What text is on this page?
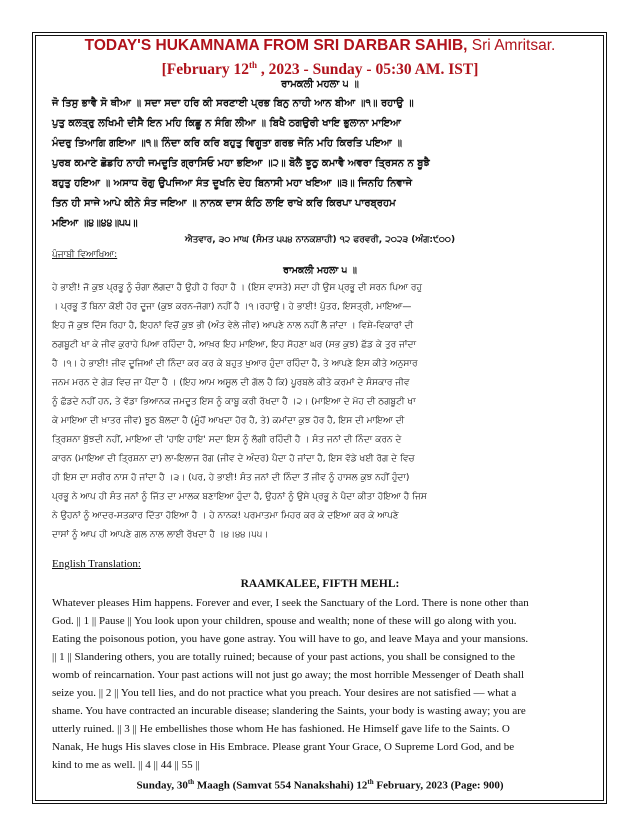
TODAY'S HUKAMNAMA FROM SRI DARBAR SAHIB, Sri Amritsar.
[February 12th , 2023 - Sunday - 05:30 AM. IST]
ਰਾਮਕਲੀ ਮਹਲਾ ੫ ॥
ਜੋ ਤਿਸੁ ਭਾਵੈ ਸੋ ਥੀਆ ॥ ਸਦਾ ਸਦਾ ਹਰਿ ਕੀ ਸਰਣਾਈ ਪ੍ਰਭ ਬਿਨੁ ਨਾਹੀ ਆਨ ਬੀਆ ॥੧॥ ਰਹਾਉ ॥
ਪੁਤੁ ਕਲਤ੍ਰੁ ਲਖਿਮੀ ਦੀਸੈ ਇਨ ਮਹਿ ਕਿਛੂ ਨ ਸੰਗਿ ਲੀਆ ॥ ਬਿਖੈ ਠਗਉਰੀ ਖਾਇ ਭੁਲਾਨਾ ਮਾਇਆ
ਮੰਦਰੁ ਤਿਆਗਿ ਗਇਆ ॥੧॥ ਨਿੰਦਾ ਕਰਿ ਕਰਿ ਬਹੁਤੁ ਵਿਗੂਤਾ ਗਰਭ ਜੋਨਿ ਮਹਿ ਕਿਰਤਿ ਪਇਆ ॥
ਪੁਰਬ ਕਮਾਣੇ ਛੋਡਹਿ ਨਾਹੀ ਜਮਦੂਤਿ ਗ੍ਰਾਸਿਓ ਮਹਾ ਭਇਆ ॥੨॥ ਬੋਲੈ ਝੂਠੁ ਕਮਾਵੈ ਅਵਰਾ ਤ੍ਰਿਸਨ ਨ ਬੂਝੈ
ਬਹੁਤੁ ਹਇਆ ॥ ਅਸਾਧ ਰੋਗੁ ਉਪਜਿਆ ਸੰਤ ਦੂਖਨਿ ਦੇਹ ਬਿਨਾਸੀ ਮਹਾ ਖਇਆ ॥੩॥ ਜਿਨਹਿ ਨਿਵਾਜੇ
ਤਿਨ ਹੀ ਸਾਜੇ ਆਪੇ ਕੀਨੇ ਸੰਤ ਜਇਆ ॥ ਨਾਨਕ ਦਾਸ ਕੰਠਿ ਲਾਇ ਰਾਖੇ ਕਰਿ ਕਿਰਪਾ ਪਾਰਬ੍ਰਹਮ
ਮਇਆ ॥੪॥੪੪॥੫੫॥
ਐਤਵਾਰ, ੩੦ ਮਾਘ (ਸੰਮਤ ੫੫੪ ਨਾਨਕਸ਼ਾਹੀ) ੧੨ ਫਰਵਰੀ, ੨੦੨੩ (ਅੰਗ:੯੦੦)
ਪੰਜਾਬੀ ਵਿਆਖਿਆ:
ਰਾਮਕਲੀ ਮਹਲਾ ੫ ॥
ਹੇ ਭਾਈ! ਜੋ ਕੁਝ ਪ੍ਰਭੂ ਨੂੰ ਚੰਗਾ ਲੱਗਦਾ ਹੈ ਉਹੀ ਹੋ ਰਿਹਾ ਹੈ । (ਇਸ ਵਾਸਤੇ) ਸਦਾ ਹੀ ਉਸ ਪ੍ਰਭੂ ਦੀ ਸਰਨ ਪਿਆ ਰਹੁ
। ਪ੍ਰਭੂ ਤੋਂ ਬਿਨਾ ਕੋਈ ਹੋਰ ਦੂਜਾ (ਕੁਝ ਕਰਨ-ਜੋਗਾ) ਨਹੀਂ ਹੈ ।੧।ਰਹਾਉ। ਹੇ ਭਾਈ! ਪੁੱਤਰ, ਇਸਤ੍ਰੀ, ਮਾਇਆ—
ਇਹ ਜੋ ਕੁਝ ਦਿੱਸ ਰਿਹਾ ਹੈ, ਇਹਨਾਂ ਵਿਚੋਂ ਕੁਝ ਭੀ (ਅੰਤ ਵੇਲੇ ਜੀਵ) ਆਪਣੇ ਨਾਲ ਨਹੀਂ ਲੈ ਜਾਂਦਾ । ਵਿਸ਼ੇ-ਵਿਕਾਰਾਂ ਦੀ
ਠਗਬੂਟੀ ਖਾ ਕੇ ਜੀਵ ਕੁਰਾਹੇ ਪਿਆ ਰਹਿੰਦਾ ਹੈ, ਆਖ਼ਰ ਇਹ ਮਾਇਆ, ਇਹ ਸੋਹਣਾ ਘਰ (ਸਭ ਕੁਝ) ਛੱਡ ਕੇ ਤੁਰ ਜਾਂਦਾ
ਹੈ ।੧। ਹੇ ਭਾਈ! ਜੀਵ ਦੂਜਿਆਂ ਦੀ ਨਿੰਦਾ ਕਰ ਕਰ ਕੇ ਬਹੁਤ ਖ਼ੁਆਰ ਹੁੰਦਾ ਰਹਿੰਦਾ ਹੈ, ਤੇ ਆਪਣੇ ਇਸ ਕੀਤੇ ਅਨੁਸਾਰ
ਜਨਮ ਮਰਨ ਦੇ ਗੇੜ ਵਿਚ ਜਾ ਪੈਂਦਾ ਹੈ । (ਇਹ ਆਮ ਅਸੂਲ ਦੀ ਗੱਲ ਹੈ ਕਿ) ਪੂਰਬਲੇ ਕੀਤੇ ਕਰਮਾਂ ਦੇ ਸੰਸਕਾਰ ਜੀਵ
ਨੂੰ ਛੱਡਦੇ ਨਹੀਂ ਹਨ, ਤੇ ਵੱਡਾ ਭਿਆਨਕ ਜਮਦੂਤ ਇਸ ਨੂੰ ਕਾਬੂ ਕਰੀ ਰੱਖਦਾ ਹੈ ।੨। (ਮਾਇਆ ਦੇ ਮੋਹ ਦੀ ਠਗਬੂਟੀ ਖਾ
ਕੇ ਮਾਇਆ ਦੀ ਖ਼ਾਤਰ ਜੀਵ) ਝੂਠ ਬੋਲਦਾ ਹੈ (ਮੂੰਹੋਂ ਆਖਦਾ ਹੋਰ ਹੈ, ਤੇ) ਕਮਾਂਦਾ ਕੁਝ ਹੋਰ ਹੈ, ਇਸ ਦੀ ਮਾਇਆ ਦੀ
ਤ੍ਰਿਸ਼ਨਾ ਬੁੱਝਦੀ ਨਹੀਂ, ਮਾਇਆ ਦੀ 'ਹਾਇ ਹਾਇ' ਸਦਾ ਇਸ ਨੂੰ ਲੱਗੀ ਰਹਿੰਦੀ ਹੈ । ਸੰਤ ਜਨਾਂ ਦੀ ਨਿੰਦਾ ਕਰਨ ਦੇ
ਕਾਰਨ (ਮਾਇਆ ਦੀ ਤ੍ਰਿਸ਼ਨਾ ਦਾ) ਲਾ-ਇਲਾਜ ਰੋਗ (ਜੀਵ ਦੇ ਅੰਦਰ) ਪੈਦਾ ਹੋ ਜਾਂਦਾ ਹੈ, ਇਸ ਵੱਡੇ ਖਈ ਰੋਗ ਦੇ ਵਿਚ
ਹੀ ਇਸ ਦਾ ਸਰੀਰ ਨਾਸ ਹੋ ਜਾਂਦਾ ਹੈ ।੩। (ਪਰ, ਹੇ ਭਾਈ! ਸੰਤ ਜਨਾਂ ਦੀ ਨਿੰਦਾ ਤੋਂ ਜੀਵ ਨੂੰ ਹਾਸਲ ਕੁਝ ਨਹੀਂ ਹੁੰਦਾ)
ਪ੍ਰਭੂ ਨੇ ਆਪ ਹੀ ਸੰਤ ਜਨਾਂ ਨੂੰ ਜਿੱਤ ਦਾ ਮਾਲਕ ਬਣਾਇਆ ਹੁੰਦਾ ਹੈ, ਉਹਨਾਂ ਨੂੰ ਉਸੇ ਪ੍ਰਭੂ ਨੇ ਪੈਦਾ ਕੀਤਾ ਹੋਇਆ ਹੈ ਜਿਸ
ਨੇ ਉਹਨਾਂ ਨੂੰ ਆਦਰ-ਸਤਕਾਰ ਦਿੱਤਾ ਹੋਇਆ ਹੈ । ਹੇ ਨਾਨਕ! ਪਰਮਾਤਮਾ ਮਿਹਰ ਕਰ ਕੇ ਦਇਆ ਕਰ ਕੇ ਆਪਣੇ
ਦਾਸਾਂ ਨੂੰ ਆਪ ਹੀ ਆਪਣੇ ਗਲ ਨਾਲ ਲਾਈ ਰੱਖਦਾ ਹੈ ।੪।੪੪।੫੫।
English Translation:
RAAMKALEE, FIFTH MEHL:
Whatever pleases Him happens. Forever and ever, I seek the Sanctuary of the Lord. There is none other than
God. || 1 || Pause || You look upon your children, spouse and wealth; none of these will go along with you.
Eating the poisonous potion, you have gone astray. You will have to go, and leave Maya and your mansions.
|| 1 || Slandering others, you are totally ruined; because of your past actions, you shall be consigned to the
womb of reincarnation. Your past actions will not just go away; the most horrible Messenger of Death shall
seize you. || 2 || You tell lies, and do not practice what you preach. Your desires are not satisfied — what a
shame. You have contracted an incurable disease; slandering the Saints, your body is wasting away; you are
utterly ruined. || 3 || He embellishes those whom He has fashioned. He Himself gave life to the Saints. O
Nanak, He hugs His slaves close in His Embrace. Please grant Your Grace, O Supreme Lord God, and be
kind to me as well. || 4 || 44 || 55 ||
Sunday, 30th Maagh (Samvat 554 Nanakshahi) 12th February, 2023 (Page: 900)
